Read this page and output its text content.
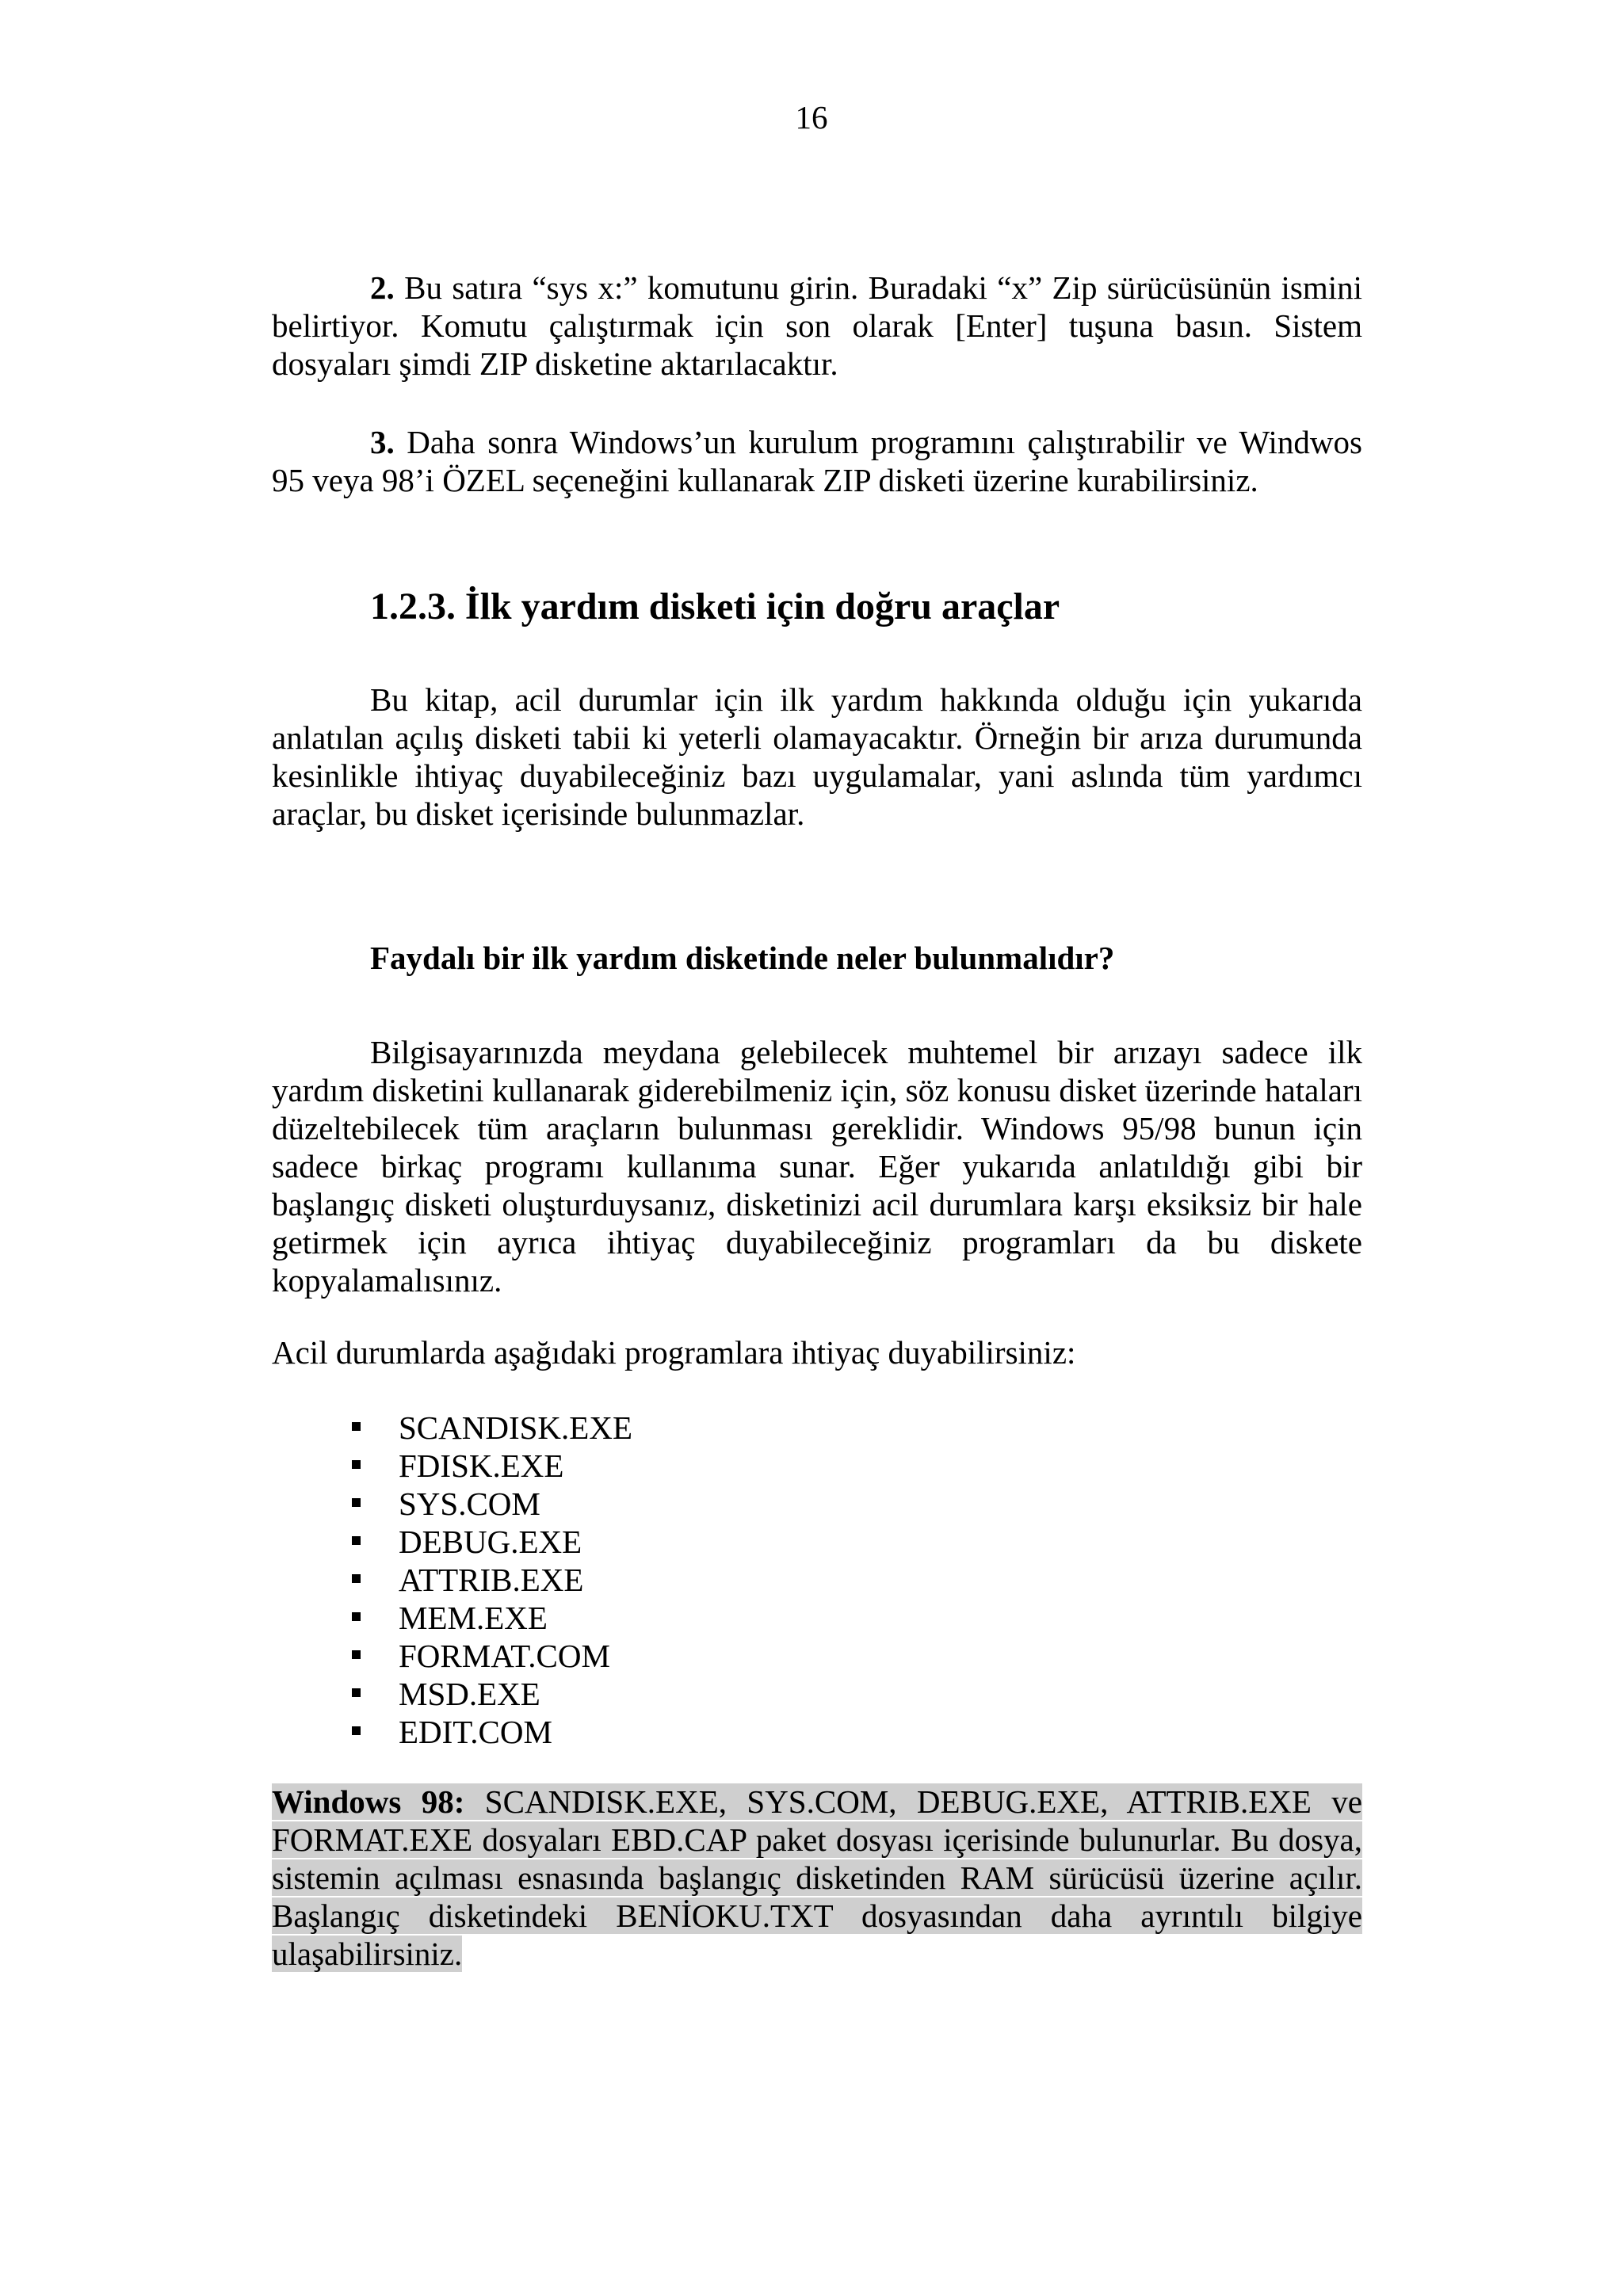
16

2. Bu satıra “sys x:” komutunu girin. Buradaki “x” Zip sürücüsünün ismini belirtiyor. Komutu çalıştırmak için son olarak [Enter] tuşuna basın. Sistem dosyaları şimdi ZIP disketine aktarılacaktır.

3. Daha sonra Windows’un kurulum programını çalıştırabilir ve Windwos 95 veya 98’i ÖZEL seçeneğini kullanarak ZIP disketi üzerine kurabilirsiniz.

1.2.3. İlk yardım disketi için doğru araçlar

Bu kitap, acil durumlar için ilk yardım hakkında olduğu için yukarıda anlatılan açılış disketi tabii ki yeterli olamayacaktır. Örneğin bir arıza durumunda kesinlikle ihtiyaç duyabileceğiniz bazı uygulamalar, yani aslında tüm yardımcı araçlar, bu disket içerisinde bulunmazlar.

Faydalı bir ilk yardım disketinde neler bulunmalıdır?

Bilgisayarınızda meydana gelebilecek muhtemel bir arızayı sadece ilk yardım disketini kullanarak giderebilmeniz için, söz konusu disket üzerinde hataları düzeltebilecek tüm araçların bulunması gereklidir. Windows 95/98 bunun için sadece birkaç programı kullanıma sunar. Eğer yukarıda anlatıldığı gibi bir başlangıç disketi oluşturduysanız, disketinizi acil durumlara karşı eksiksiz bir hale getirmek için ayrıca ihtiyaç duyabileceğiniz programları da bu diskete kopyalamalısınız.

Acil durumlarda aşağıdaki programlara ihtiyaç duyabilirsiniz:

SCANDISK.EXE
FDISK.EXE
SYS.COM
DEBUG.EXE
ATTRIB.EXE
MEM.EXE
FORMAT.COM
MSD.EXE
EDIT.COM

Windows 98: SCANDISK.EXE, SYS.COM, DEBUG.EXE, ATTRIB.EXE ve FORMAT.EXE dosyaları EBD.CAP paket dosyası içerisinde bulunurlar. Bu dosya, sistemin açılması esnasında başlangıç disketinden RAM sürücüsü üzerine açılır. Başlangıç disketindeki BENİOKU.TXT dosyasından daha ayrıntılı bilgiye ulaşabilirsiniz.
